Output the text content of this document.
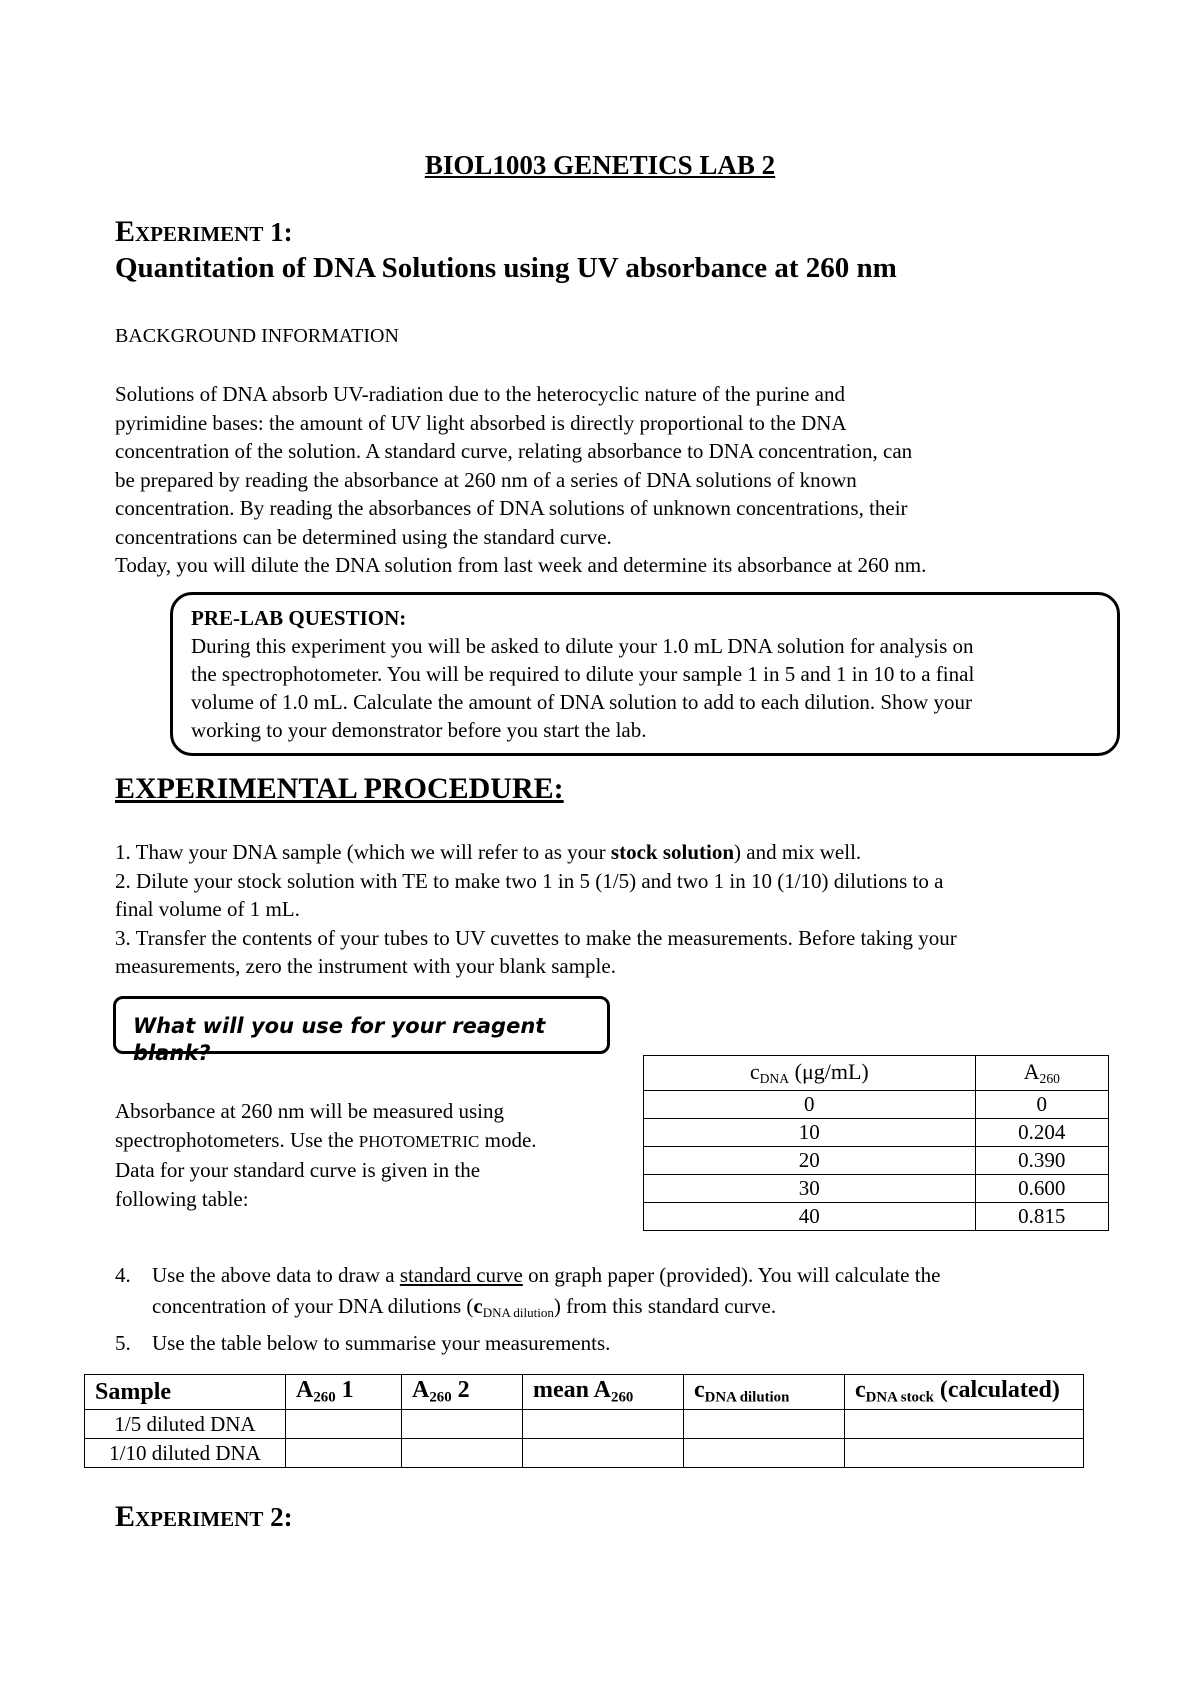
BIOL1003 GENETICS LAB 2
EXPERIMENT 1:
Quantitation of DNA Solutions using UV absorbance at 260 nm
BACKGROUND INFORMATION

Solutions of DNA absorb UV-radiation due to the heterocyclic nature of the purine and

pyrimidine bases: the amount of UV light absorbed is directly proportional to the DNA

concentration of the solution. A standard curve, relating absorbance to DNA concentration, can

be prepared by reading the absorbance at 260 nm of a series of DNA solutions of known

concentration. By reading the absorbances of DNA solutions of unknown concentrations, their

concentrations can be determined using the standard curve.

Today, you will dilute the DNA solution from last week and determine its absorbance at 260 nm.

PRE-LAB QUESTION:

During this experiment you will be asked to dilute your 1.0 mL DNA solution for analysis on

the spectrophotometer. You will be required to dilute your sample 1 in 5 and 1 in 10 to a final

volume of 1.0 mL. Calculate the amount of DNA solution to add to each dilution. Show your

working to your demonstrator before you start the lab.

EXPERIMENTAL PROCEDURE:

1. Thaw your DNA sample (which we will refer to as your stock solution) and mix well.

2. Dilute your stock solution with TE to make two 1 in 5 (1/5) and two 1 in 10 (1/10) dilutions to a

final volume of 1 mL.

3. Transfer the contents of your tubes to UV cuvettes to make the measurements. Before taking your

measurements, zero the instrument with your blank sample.

What will you use for your reagent
blank?

Absorbance at 260 nm will be measured using

spectrophotometers. Use the PHOTOMETRIC mode.

Data for your standard curve is given in the

following table:

$c_{DNA}$ (μg/mL)	$A_{260}$
0	0
10	0.204
20	0.390
30	0.600
40	0.815
4.	Use the above data to draw a standard curve on graph paper (provided). You will calculate the
concentration of your DNA dilutions $(c_{DNA dilution})$ from this standard curve.
5.	Use the table below to summarise your measurements.
Sample	$A_{260}$ 1	$A_{260}$ 2	mean $A_{260}$	$c_{DNA dilution}$	$c_{DNA stock}$ (calculated)
1/5 diluted DNA					
1/10 diluted DNA					
EXPERIMENT 2:
